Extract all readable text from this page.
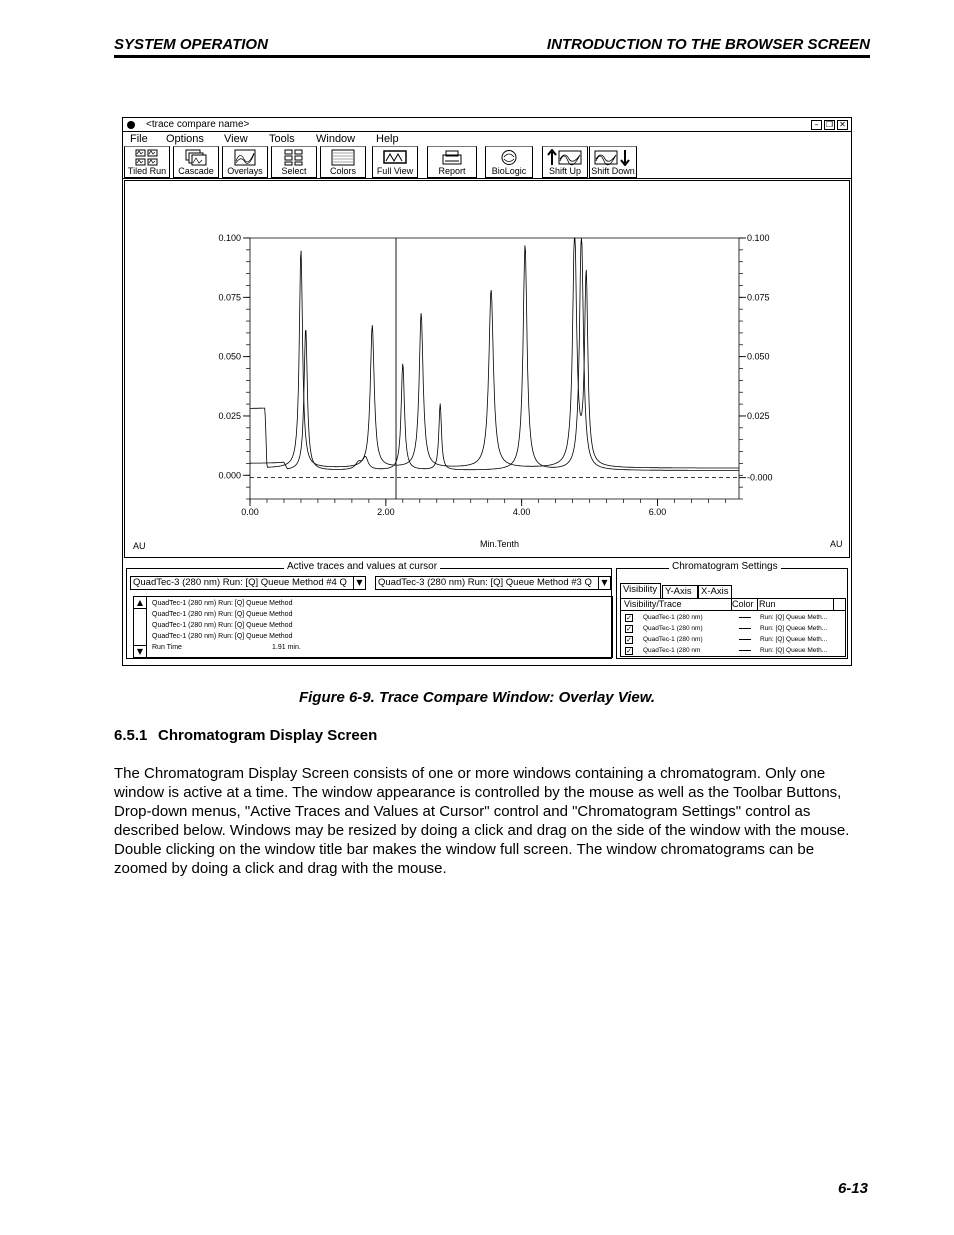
SYSTEM OPERATION	INTRODUCTION TO THE BROWSER SCREEN
<trace compare name>	– ❐ ✕
File Options View Tools Window Help
Tiled Run	Cascade	Overlays	Select	Colors	Full View	Report	BioLogic	Shift Up	Shift Down
0.100
0.075
0.050
0.025
0.000
0.100
0.075
0.050
0.025
-0.000
0.00	2.00	4.00	6.00
Min.Tenth
AU	AU
Active traces and values at cursor
QuadTec-3 (280 nm) Run: [Q] Queue Method #4 Q	▼	QuadTec-3 (280 nm) Run: [Q] Queue Method #3 Q	▼
▲
▼
QuadTec-1 (280 nm) Run: [Q] Queue Method
QuadTec-1 (280 nm) Run: [Q] Queue Method
QuadTec-1 (280 nm) Run: [Q] Queue Method
QuadTec-1 (280 nm) Run: [Q] Queue Method
Run Time	1.91 min.
Chromatogram Settings
Visibility Y-Axis X-Axis
Visibility/Trace	Color Run
✓ QuadTec-1 (280 nm)	Run: [Q] Queue Meth...
✓ QuadTec-1 (280 nm)	Run: [Q] Queue Meth...
✓ QuadTec-1 (280 nm)	Run: [Q] Queue Meth...
✓ QuadTec-1 (280 nm	Run: [Q] Queue Meth...
Figure 6-9. Trace Compare Window: Overlay View.
6.5.1 Chromatogram Display Screen

The Chromatogram Display Screen consists of one or more windows containing a chromatogram. Only one window is active at a time. The window appearance is controlled by the mouse as well as the Toolbar Buttons, Drop-down menus, "Active Traces and Values at Cursor" control and "Chromatogram Settings" control as described below. Windows may be resized by doing a click and drag on the side of the window with the mouse. Double clicking on the window title bar makes the window full screen. The window chromatograms can be zoomed by doing a click and drag with the mouse.

6-13
